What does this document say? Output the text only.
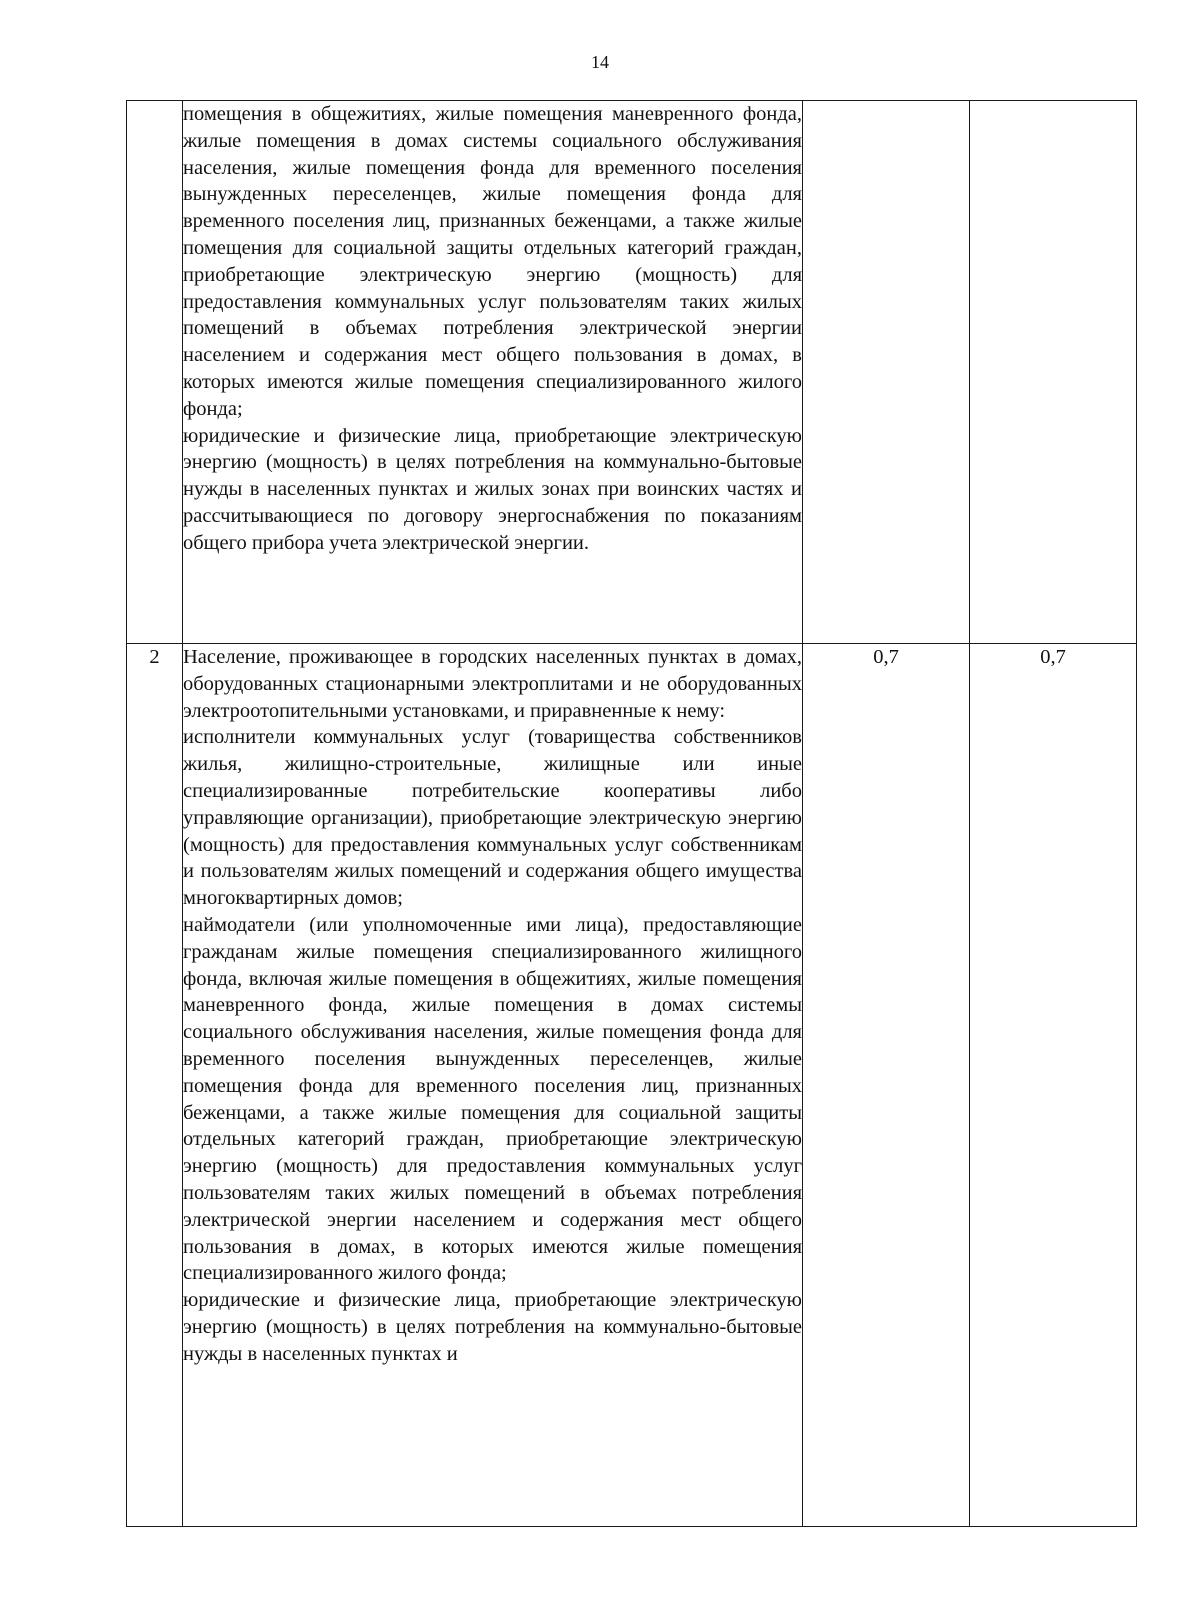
14

	помещения в общежитиях, жилые помещения маневренного фонда, жилые помещения в домах системы социального обслуживания населения, жилые помещения фонда для временного поселения вынужденных переселенцев, жилые помещения фонда для временного поселения лиц, признанных беженцами, а также жилые помещения для социальной защиты отдельных категорий граждан, приобретающие электрическую энергию (мощность) для предоставления коммунальных услуг пользователям таких жилых помещений в объемах потребления электрической энергии населением и содержания мест общего пользования в домах, в которых имеются жилые помещения специализированного жилого фонда;

юридические и физические лица, приобретающие электрическую энергию (мощность) в целях потребления на коммунально-бытовые нужды в населенных пунктах и жилых зонах при воинских частях и рассчитывающиеся по договору энергоснабжения по показаниям общего прибора учета электрической энергии.		

2	Население, проживающее в городских населенных пунктах в домах, оборудованных стационарными электроплитами и не оборудованных электроотопительными установками, и приравненные к нему:

исполнители коммунальных услуг (товарищества собственников жилья, жилищно-строительные, жилищные или иные специализированные потребительские кооперативы либо управляющие организации), приобретающие электрическую энергию (мощность) для предоставления коммунальных услуг собственникам и пользователям жилых помещений и содержания общего имущества многоквартирных домов;

наймодатели (или уполномоченные ими лица), предоставляющие гражданам жилые помещения специализированного жилищного фонда, включая жилые помещения в общежитиях, жилые помещения маневренного фонда, жилые помещения в домах системы социального обслуживания населения, жилые помещения фонда для временного поселения вынужденных переселенцев, жилые помещения фонда для временного поселения лиц, признанных беженцами, а также жилые помещения для социальной защиты отдельных категорий граждан, приобретающие электрическую энергию (мощность) для предоставления коммунальных услуг пользователям таких жилых помещений в объемах потребления электрической энергии населением и содержания мест общего пользования в домах, в которых имеются жилые помещения специализированного жилого фонда;

юридические и физические лица, приобретающие электрическую энергию (мощность) в целях потребления на коммунально-бытовые нужды в населенных пунктах и	0,7	0,7
